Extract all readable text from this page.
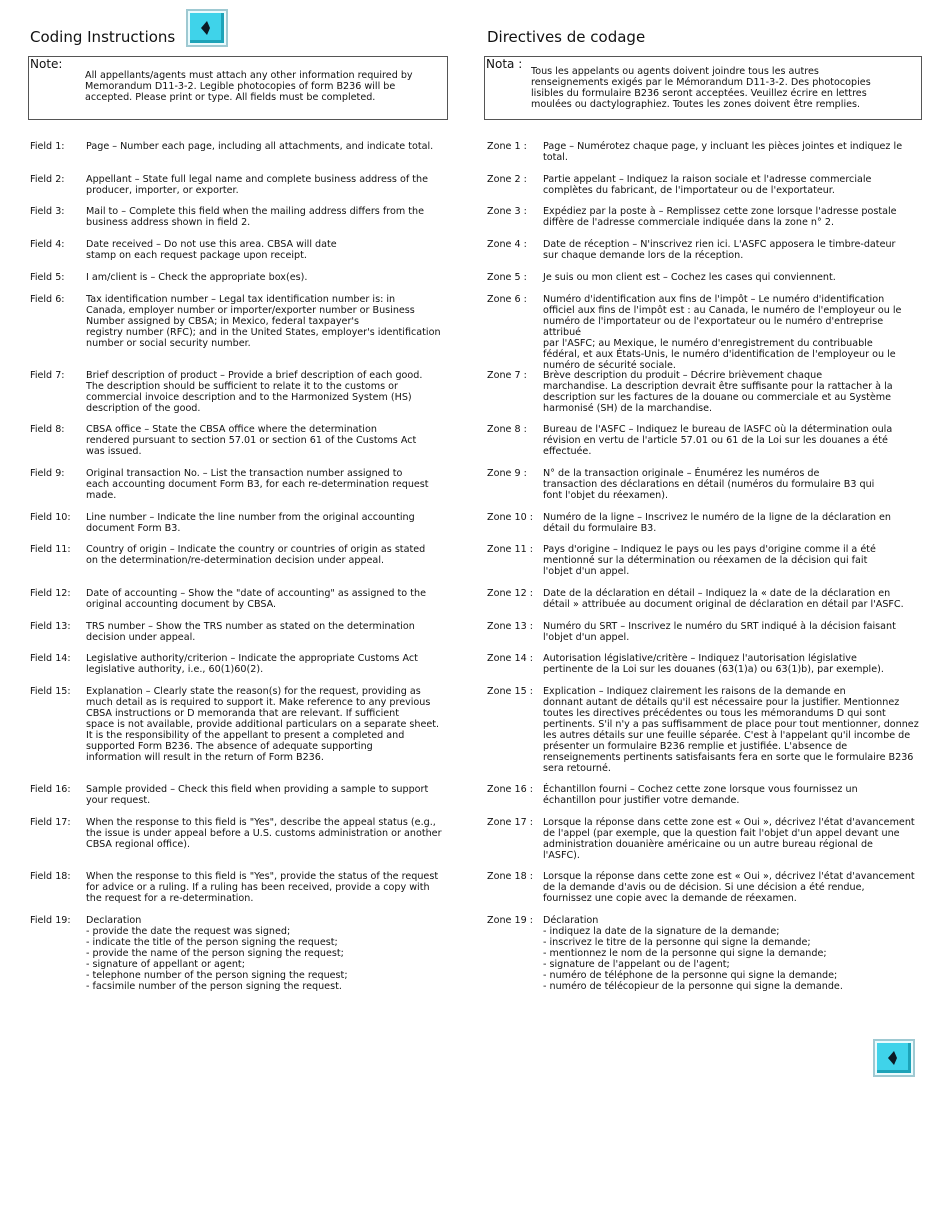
Coding Instructions
Note:
All appellants/agents must attach any other information required by
Memorandum D11-3-2. Legible photocopies of form B236 will be
accepted. Please print or type. All fields must be completed.
Field 1: Page – Number each page, including all attachments, and indicate total.
Field 2: Appellant – State full legal name and complete business address of the
producer, importer, or exporter.
Field 3: Mail to – Complete this field when the mailing address differs from the
business address shown in field 2.
Field 4: Date received – Do not use this area. CBSA will date
stamp on each request package upon receipt.
Field 5: I am/client is – Check the appropriate box(es).
Field 6: Tax identification number – Legal tax identification number is: in
Canada, employer number or importer/exporter number or Business
Number assigned by CBSA; in Mexico, federal taxpayer's
registry number (RFC); and in the United States, employer's identification
number or social security number.
Field 7: Brief description of product – Provide a brief description of each good.
The description should be sufficient to relate it to the customs or
commercial invoice description and to the Harmonized System (HS)
description of the good.
Field 8: CBSA office – State the CBSA office where the determination
rendered pursuant to section 57.01 or section 61 of the Customs Act
was issued.
Field 9: Original transaction No. – List the transaction number assigned to
each accounting document Form B3, for each re-determination request
made.
Field 10: Line number – Indicate the line number from the original accounting
document Form B3.
Field 11: Country of origin – Indicate the country or countries of origin as stated
on the determination/re-determination decision under appeal.
Field 12: Date of accounting – Show the "date of accounting" as assigned to the
original accounting document by CBSA.
Field 13: TRS number – Show the TRS number as stated on the determination
decision under appeal.
Field 14: Legislative authority/criterion – Indicate the appropriate Customs Act
legislative authority, i.e., 60(1)60(2).
Field 15: Explanation – Clearly state the reason(s) for the request, providing as
much detail as is required to support it. Make reference to any previous
CBSA instructions or D memoranda that are relevant. If sufficient
space is not available, provide additional particulars on a separate sheet.
It is the responsibility of the appellant to present a completed and
supported Form B236. The absence of adequate supporting
information will result in the return of Form B236.
Field 16: Sample provided – Check this field when providing a sample to support
your request.
Field 17: When the response to this field is "Yes", describe the appeal status (e.g.,
the issue is under appeal before a U.S. customs administration or another
CBSA regional office).
Field 18: When the response to this field is "Yes", provide the status of the request
for advice or a ruling. If a ruling has been received, provide a copy with
the request for a re-determination.
Field 19: Declaration
- provide the date the request was signed;
- indicate the title of the person signing the request;
- provide the name of the person signing the request;
- signature of appellant or agent;
- telephone number of the person signing the request;
- facsimile number of the person signing the request.
Directives de codage
Nota :
Tous les appelants ou agents doivent joindre tous les autres
renseignements exigés par le Mémorandum D11-3-2. Des photocopies
lisibles du formulaire B236 seront acceptées. Veuillez écrire en lettres
moulées ou dactylographiez. Toutes les zones doivent être remplies.
Zone 1 : Page – Numérotez chaque page, y incluant les pièces jointes et indiquez le
total.
Zone 2 : Partie appelant – Indiquez la raison sociale et l'adresse commerciale
complètes du fabricant, de l'importateur ou de l'exportateur.
Zone 3 : Expédiez par la poste à – Remplissez cette zone lorsque l'adresse postale
diffère de l'adresse commerciale indiquée dans la zone n° 2.
Zone 4 : Date de réception – N'inscrivez rien ici. L'ASFC apposera le timbre-dateur
sur chaque demande lors de la réception.
Zone 5 : Je suis ou mon client est – Cochez les cases qui conviennent.
Zone 6 : Numéro d'identification aux fins de l'impôt – Le numéro d'identification
officiel aux fins de l'impôt est : au Canada, le numéro de l'employeur ou le
numéro de l'importateur ou de l'exportateur ou le numéro d'entreprise attribué
par l'ASFC; au Mexique, le numéro d'enregistrement du contribuable
fédéral, et aux États-Unis, le numéro d'identification de l'employeur ou le
numéro de sécurité sociale.
Zone 7 : Brève description du produit – Décrire brièvement chaque
marchandise. La description devrait être suffisante pour la rattacher à la
description sur les factures de la douane ou commerciale et au Système
harmonisé (SH) de la marchandise.
Zone 8 : Bureau de l'ASFC – Indiquez le bureau de lASFC où la détermination oula
révision en vertu de l'article 57.01 ou 61 de la Loi sur les douanes a été
effectuée.
Zone 9 : N° de la transaction originale – Énumérez les numéros de
transaction des déclarations en détail (numéros du formulaire B3 qui
font l'objet du réexamen).
Zone 10 : Numéro de la ligne – Inscrivez le numéro de la ligne de la déclaration en
détail du formulaire B3.
Zone 11 : Pays d'origine – Indiquez le pays ou les pays d'origine comme il a été
mentionné sur la détermination ou réexamen de la décision qui fait
l'objet d'un appel.
Zone 12 : Date de la déclaration en détail – Indiquez la « date de la déclaration en
détail » attribuée au document original de déclaration en détail par l'ASFC.
Zone 13 : Numéro du SRT – Inscrivez le numéro du SRT indiqué à la décision faisant
l'objet d'un appel.
Zone 14 : Autorisation législative/critère – Indiquez l'autorisation législative
pertinente de la Loi sur les douanes (63(1)a) ou 63(1)b), par exemple).
Zone 15 : Explication – Indiquez clairement les raisons de la demande en
donnant autant de détails qu'il est nécessaire pour la justifier. Mentionnez
toutes les directives précédentes ou tous les mémorandums D qui sont
pertinents. S'il n'y a pas suffisamment de place pour tout mentionner, donnez
les autres détails sur une feuille séparée. C'est à l'appelant qu'il incombe de
présenter un formulaire B236 remplie et justifiée. L'absence de
renseignements pertinents satisfaisants fera en sorte que le formulaire B236
sera retourné.
Zone 16 : Échantillon fourni – Cochez cette zone lorsque vous fournissez un
échantillon pour justifier votre demande.
Zone 17 : Lorsque la réponse dans cette zone est « Oui », décrivez l'état d'avancement
de l'appel (par exemple, que la question fait l'objet d'un appel devant une
administration douanière américaine ou un autre bureau régional de
l'ASFC).
Zone 18 : Lorsque la réponse dans cette zone est « Oui », décrivez l'état d'avancement
de la demande d'avis ou de décision. Si une décision a été rendue,
fournissez une copie avec la demande de réexamen.
Zone 19 : Déclaration
- indiquez la date de la signature de la demande;
- inscrivez le titre de la personne qui signe la demande;
- mentionnez le nom de la personne qui signe la demande;
- signature de l'appelant ou de l'agent;
- numéro de téléphone de la personne qui signe la demande;
- numéro de télécopieur de la personne qui signe la demande.
